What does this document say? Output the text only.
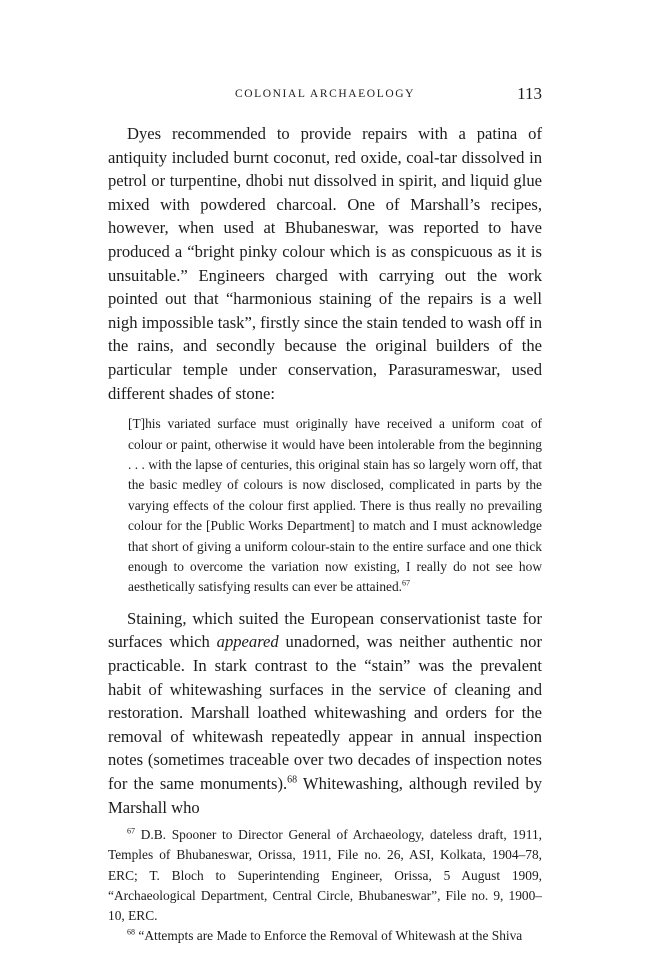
COLONIAL ARCHAEOLOGY	113

Dyes recommended to provide repairs with a patina of antiquity included burnt coconut, red oxide, coal-tar dissolved in petrol or turpentine, dhobi nut dissolved in spirit, and liquid glue mixed with powdered charcoal. One of Marshall’s recipes, however, when used at Bhubaneswar, was reported to have produced a “bright pinky colour which is as conspicuous as it is unsuitable.” Engineers charged with carrying out the work pointed out that “harmonious staining of the repairs is a well nigh impossible task”, firstly since the stain tended to wash off in the rains, and secondly because the original builders of the particular temple under conservation, Parasurameswar, used different shades of stone:

[T]his variated surface must originally have received a uniform coat of colour or paint, otherwise it would have been intolerable from the beginning . . . with the lapse of centuries, this original stain has so largely worn off, that the basic medley of colours is now disclosed, complicated in parts by the varying effects of the colour first applied. There is thus really no prevailing colour for the [Public Works Department] to match and I must acknowledge that short of giving a uniform colour-stain to the entire surface and one thick enough to overcome the variation now existing, I really do not see how aesthetically satisfying results can ever be attained.$^{67}$

Staining, which suited the European conservationist taste for surfaces which appeared unadorned, was neither authentic nor practicable. In stark contrast to the “stain” was the prevalent habit of whitewashing surfaces in the service of cleaning and restoration. Marshall loathed whitewashing and orders for the removal of whitewash repeatedly appear in annual inspection notes (sometimes traceable over two decades of inspection notes for the same monuments).$^{68}$ Whitewashing, although reviled by Marshall who

$^{67}$ D.B. Spooner to Director General of Archaeology, dateless draft, 1911, Temples of Bhubaneswar, Orissa, 1911, File no. 26, ASI, Kolkata, 1904–78, ERC; T. Bloch to Superintending Engineer, Orissa, 5 August 1909, “Archaeological Department, Central Circle, Bhubaneswar”, File no. 9, 1900–10, ERC.

$^{68}$ “Attempts are Made to Enforce the Removal of Whitewash at the Shiva
